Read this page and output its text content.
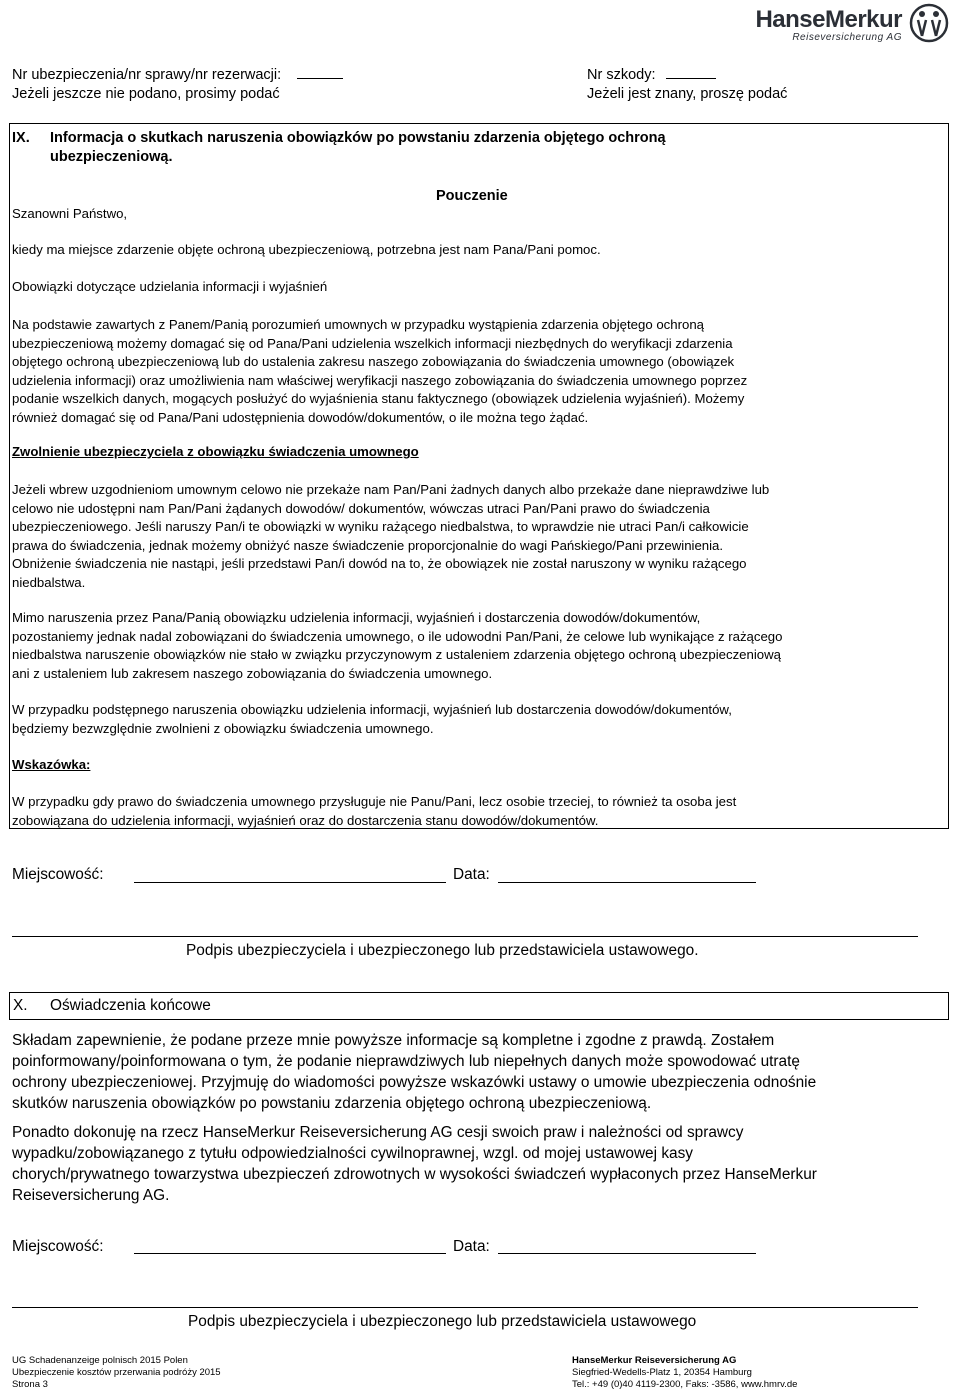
HanseMerkur
Reiseversicherung AG
Nr ubezpieczenia/nr sprawy/nr rezerwacji:
Jeżeli jeszcze nie podano, prosimy podać
Nr szkody:
Jeżeli jest znany, proszę podać
IX. Informacja o skutkach naruszenia obowiązków po powstaniu zdarzenia objętego ochroną
ubezpieczeniową.
Pouczenie
Szanowni Państwo,
kiedy ma miejsce zdarzenie objęte ochroną ubezpieczeniową, potrzebna jest nam Pana/Pani pomoc.
Obowiązki dotyczące udzielania informacji i wyjaśnień
Na podstawie zawartych z Panem/Panią porozumień umownych w przypadku wystąpienia zdarzenia objętego ochroną
ubezpieczeniową możemy domagać się od Pana/Pani udzielenia wszelkich informacji niezbędnych do weryfikacji zdarzenia
objętego ochroną ubezpieczeniową lub do ustalenia zakresu naszego zobowiązania do świadczenia umownego (obowiązek
udzielenia informacji) oraz umożliwienia nam właściwej weryfikacji naszego zobowiązania do świadczenia umownego poprzez
podanie wszelkich danych, mogących posłużyć do wyjaśnienia stanu faktycznego (obowiązek udzielenia wyjaśnień). Możemy
również domagać się od Pana/Pani udostępnienia dowodów/dokumentów, o ile można tego żądać.
Zwolnienie ubezpieczyciela z obowiązku świadczenia umownego
Jeżeli wbrew uzgodnieniom umownym celowo nie przekaże nam Pan/Pani żadnych danych albo przekaże dane nieprawdziwe lub
celowo nie udostępni nam Pan/Pani żądanych dowodów/ dokumentów, wówczas utraci Pan/Pani prawo do świadczenia
ubezpieczeniowego. Jeśli naruszy Pan/i te obowiązki w wyniku rażącego niedbalstwa, to wprawdzie nie utraci Pan/i całkowicie
prawa do świadczenia, jednak możemy obniżyć nasze świadczenie proporcjonalnie do wagi Pańskiego/Pani przewinienia.
Obniżenie świadczenia nie nastąpi, jeśli przedstawi Pan/i dowód na to, że obowiązek nie został naruszony w wyniku rażącego
niedbalstwa.
Mimo naruszenia przez Pana/Panią obowiązku udzielenia informacji, wyjaśnień i dostarczenia dowodów/dokumentów,
pozostaniemy jednak nadal zobowiązani do świadczenia umownego, o ile udowodni Pan/Pani, że celowe lub wynikające z rażącego
niedbalstwa naruszenie obowiązków nie stało w związku przyczynowym z ustaleniem zdarzenia objętego ochroną ubezpieczeniową
ani z ustaleniem lub zakresem naszego zobowiązania do świadczenia umownego.
W przypadku podstępnego naruszenia obowiązku udzielenia informacji, wyjaśnień lub dostarczenia dowodów/dokumentów,
będziemy bezwzględnie zwolnieni z obowiązku świadczenia umownego.
Wskazówka:
W przypadku gdy prawo do świadczenia umownego przysługuje nie Panu/Pani, lecz osobie trzeciej, to również ta osoba jest
zobowiązana do udzielenia informacji, wyjaśnień oraz do dostarczenia stanu dowodów/dokumentów.
Miejscowość:	Data:
Podpis ubezpieczyciela i ubezpieczonego lub przedstawiciela ustawowego.
X.	Oświadczenia końcowe
Składam zapewnienie, że podane przeze mnie powyższe informacje są kompletne i zgodne z prawdą. Zostałem
poinformowany/poinformowana o tym, że podanie nieprawdziwych lub niepełnych danych może spowodować utratę
ochrony ubezpieczeniowej. Przyjmuję do wiadomości powyższe wskazówki ustawy o umowie ubezpieczenia odnośnie
skutków naruszenia obowiązków po powstaniu zdarzenia objętego ochroną ubezpieczeniową.
Ponadto dokonuję na rzecz HanseMerkur Reiseversicherung AG cesji swoich praw i należności od sprawcy
wypadku/zobowiązanego z tytułu odpowiedzialności cywilnoprawnej, wzgl. od mojej ustawowej kasy
chorych/prywatnego towarzystwa ubezpieczeń zdrowotnych w wysokości świadczeń wypłaconych przez HanseMerkur
Reiseversicherung AG.
Miejscowość:	Data:
Podpis ubezpieczyciela i ubezpieczonego lub przedstawiciela ustawowego
UG Schadenanzeige polnisch 2015 Polen
Ubezpieczenie kosztów przerwania podróży 2015
Strona 3
HanseMerkur Reiseversicherung AG
Siegfried-Wedells-Platz 1, 20354 Hamburg
Tel.: +49 (0)40 4119-2300, Faks: -3586, www.hmrv.de
